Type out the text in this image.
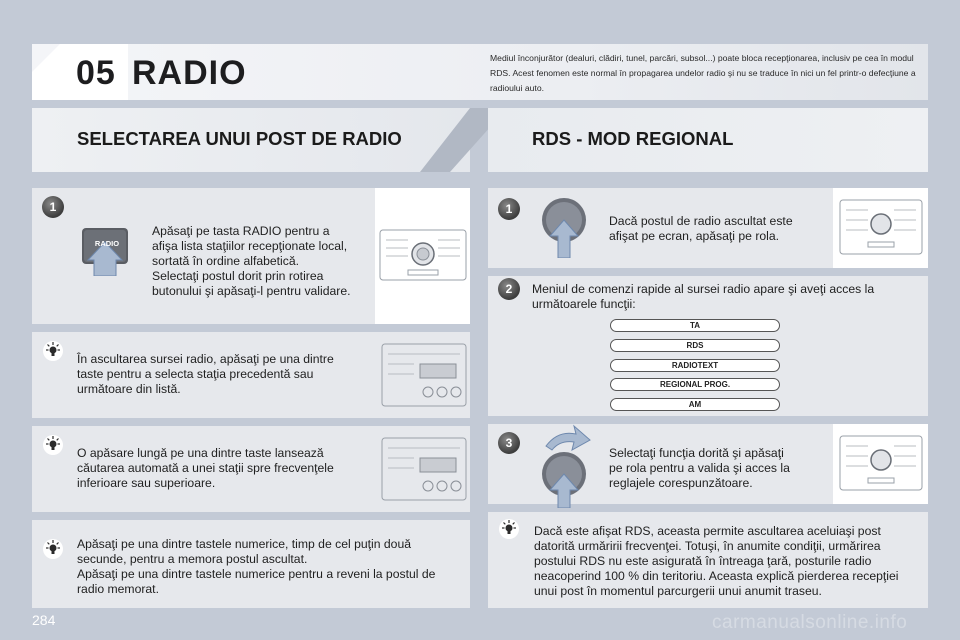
05 RADIO	Mediul înconjurător (dealuri, clădiri, tunel, parcări, subsol...) poate bloca recepţionarea, inclusiv pe cea în modul RDS. Acest fenomen este normal în propagarea undelor radio şi nu se traduce în nici un fel printr-o defecţiune a radioului auto.
SELECTAREA UNUI POST DE RADIO	RDS - MOD REGIONAL
1
RADIO
Apăsaţi pe tasta RADIO pentru a
afişa lista staţiilor recepţionate local,
sortată în ordine alfabetică.
Selectaţi postul dorit prin rotirea
butonului şi apăsaţi-l pentru validare.
În ascultarea sursei radio, apăsaţi pe una dintre
taste pentru a selecta staţia precedentă sau
următoare din listă.
O apăsare lungă pe una dintre taste lansează
căutarea automată a unei staţii spre frecvenţele
inferioare sau superioare.
Apăsaţi pe una dintre tastele numerice, timp de cel puţin două
secunde, pentru a memora postul ascultat.
Apăsaţi pe una dintre tastele numerice pentru a reveni la postul de
radio memorat.
1
Dacă postul de radio ascultat este
afişat pe ecran, apăsaţi pe rola.
2	Meniul de comenzi rapide al sursei radio apare şi aveţi acces la
următoarele funcţii:
TA
RDS
RADIOTEXT
REGIONAL PROG.
AM
3
Selectaţi funcţia dorită şi apăsaţi
pe rola pentru a valida şi acces la
reglajele corespunzătoare.
Dacă este afişat RDS, aceasta permite ascultarea aceluiaşi post
datorită urmăririi frecvenţei. Totuşi, în anumite condiţii, urmărirea
postului RDS nu este asigurată în întreaga ţară, posturile radio
neacoperind 100 % din teritoriu. Aceasta explică pierderea recepţiei
unui post în momentul parcurgerii unui anumit traseu.
284	carmanualsonline.info
